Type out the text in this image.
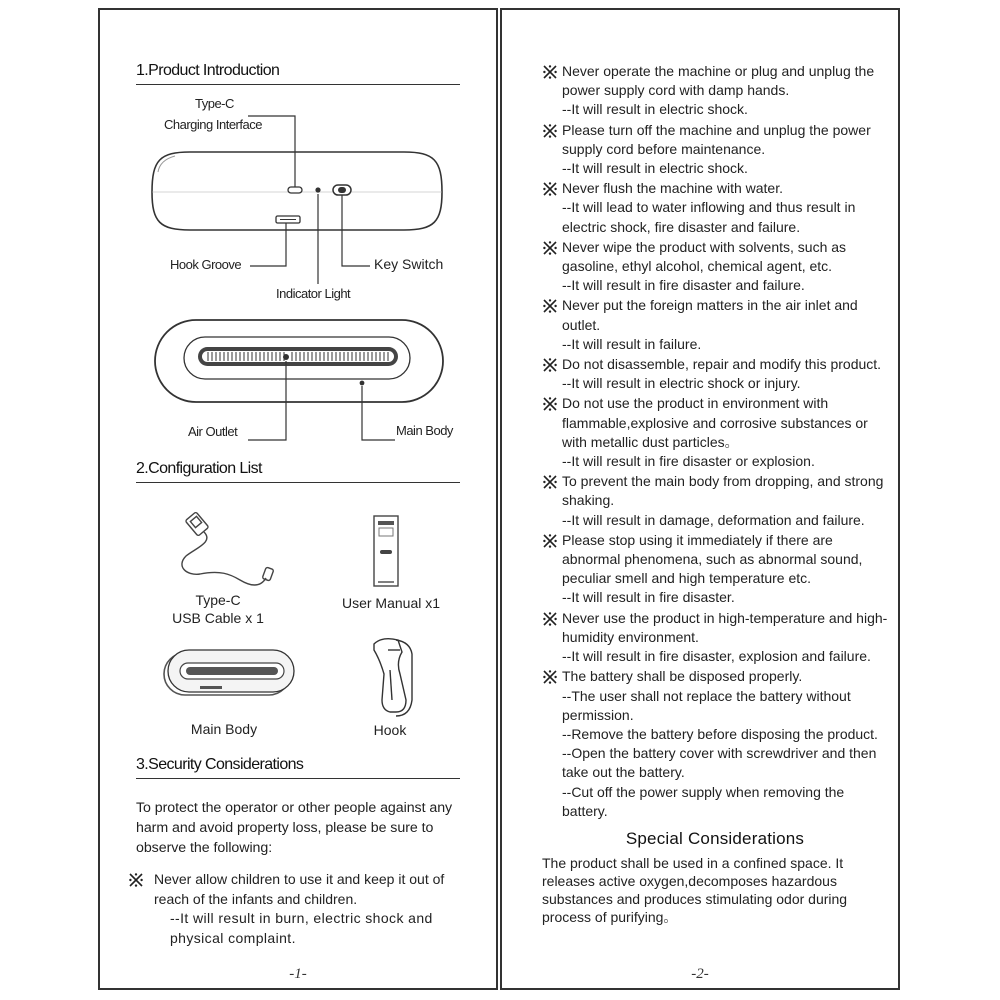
1.Product Introduction
Type-C
Charging Interface
Hook Groove	Key Switch
Indicator Light
Air Outlet	Main Body
2.Configuration List
Type-C
USB Cable x 1
User Manual x1
Main Body	Hook
3.Security Considerations

To protect the operator or other people against any harm and avoid property loss, please be sure to observe the following:

Never allow children to use it and keep it out of reach of the infants and children.

--It will result in burn, electric shock and physical complaint.

-1-

Never operate the machine or plug and unplug the power supply cord with damp hands.

--It will result in electric shock.

Please turn off the machine and unplug the power supply cord before maintenance.

--It will result in electric shock.

Never flush the machine with water.

--It will lead to water inflowing and thus result in electric shock, fire disaster and failure.

Never wipe the product with solvents, such as gasoline, ethyl alcohol, chemical agent, etc.

--It will result in fire disaster and failure.

Never put the foreign matters in the air inlet and outlet.

--It will result in failure.

Do not disassemble, repair and modify this product.

--It will result in electric shock or injury.

Do not use the product in environment with flammable,explosive and corrosive substances or with metallic dust particles。

--It will result in fire disaster or explosion.

To prevent the main body from dropping, and strong shaking.

--It will result in damage, deformation and failure.

Please stop using it immediately if there are abnormal phenomena, such as abnormal sound, peculiar smell and high temperature etc.

--It will result in fire disaster.

Never use the product in high-temperature and high-humidity environment.

--It will result in fire disaster, explosion and failure.

The battery shall be disposed properly.

--The user shall not replace the battery without permission.

--Remove the battery before disposing the product.

--Open the battery cover with screwdriver and then take out the battery.

--Cut off the power supply when removing the battery.

Special Considerations

The product shall be used in a confined space. It releases active oxygen,decomposes hazardous substances and produces stimulating odor during process of purifying。

-2-
